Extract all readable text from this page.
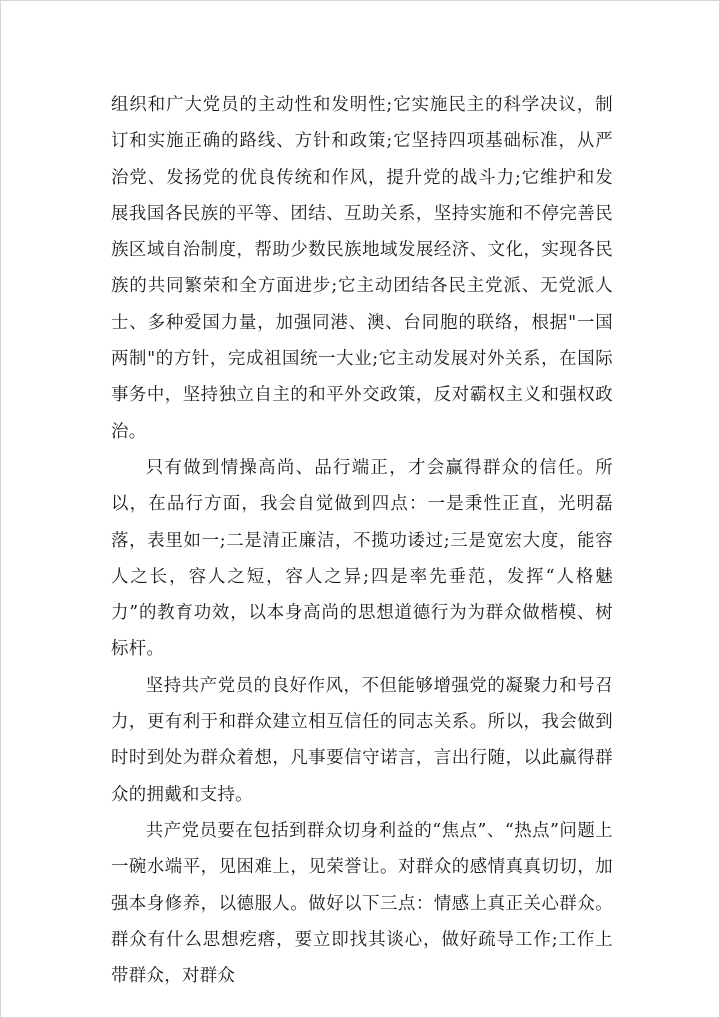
组织和广大党员的主动性和发明性;它实施民主的科学决议，制订和实施正确的路线、方针和政策;它坚持四项基础标准，从严治党、发扬党的优良传统和作风，提升党的战斗力;它维护和发展我国各民族的平等、团结、互助关系，坚持实施和不停完善民族区域自治制度，帮助少数民族地域发展经济、文化，实现各民族的共同繁荣和全方面进步;它主动团结各民主党派、无党派人士、多种爱国力量，加强同港、澳、台同胞的联络，根据"一国两制"的方针，完成祖国统一大业;它主动发展对外关系，在国际事务中，坚持独立自主的和平外交政策，反对霸权主义和强权政治。

只有做到情操高尚、品行端正，才会赢得群众的信任。所以，在品行方面，我会自觉做到四点：一是秉性正直，光明磊落，表里如一;二是清正廉洁，不揽功诿过;三是宽宏大度，能容人之长，容人之短，容人之异;四是率先垂范，发挥“人格魅力”的教育功效，以本身高尚的思想道德行为为群众做楷模、树标杆。

坚持共产党员的良好作风，不但能够增强党的凝聚力和号召力，更有利于和群众建立相互信任的同志关系。所以，我会做到时时到处为群众着想，凡事要信守诺言，言出行随，以此赢得群众的拥戴和支持。

共产党员要在包括到群众切身利益的“焦点”、“热点”问题上一碗水端平，见困难上，见荣誉让。对群众的感情真真切切，加强本身修养，以德服人。做好以下三点：情感上真正关心群众。群众有什么思想疙瘩，要立即找其谈心，做好疏导工作;工作上带群众，对群众
